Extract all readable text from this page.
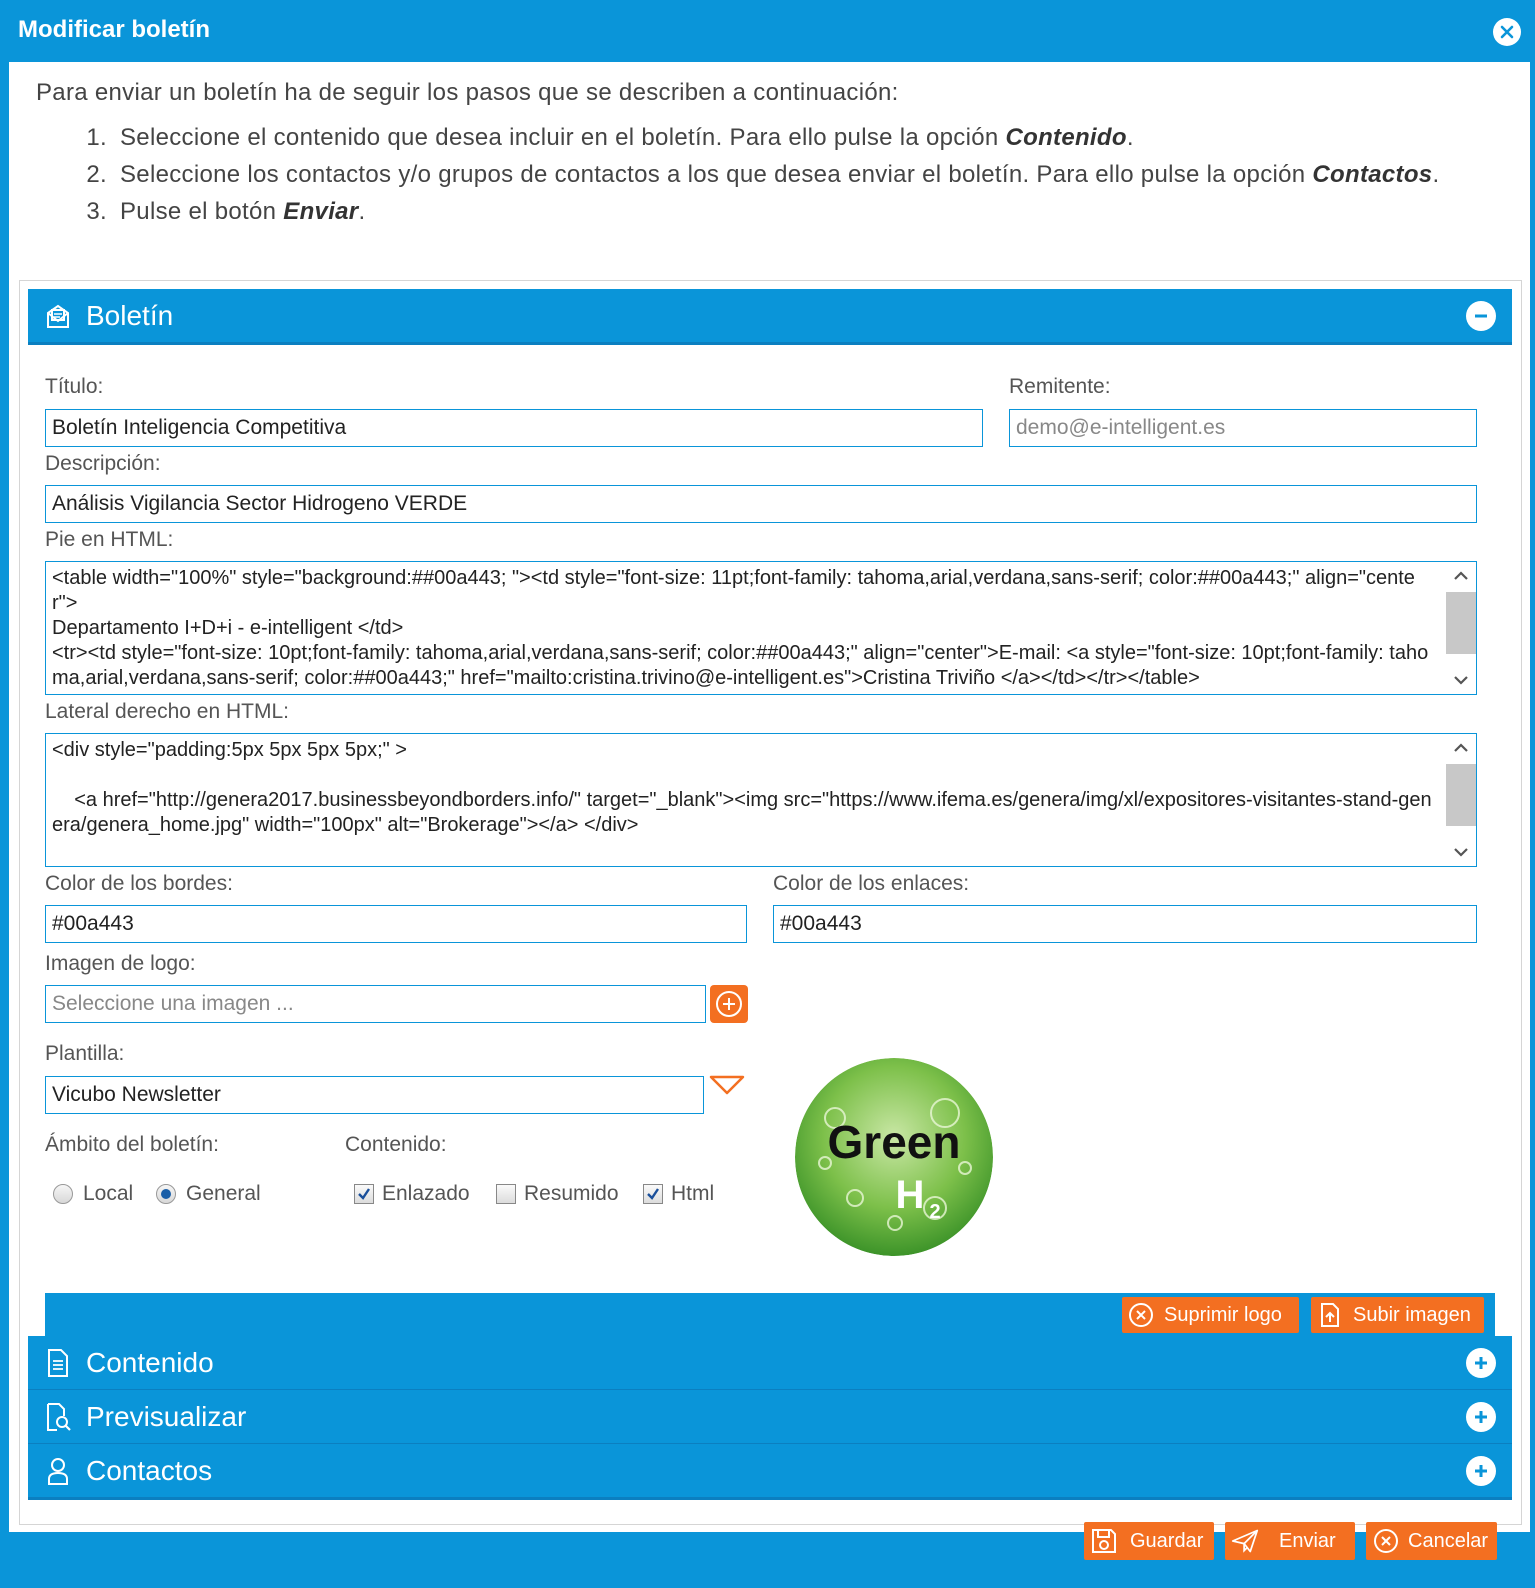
Modificar boletín
Para enviar un boletín ha de seguir los pasos que se describen a continuación:
1. Seleccione el contenido que desea incluir en el boletín. Para ello pulse la opción Contenido.
2. Seleccione los contactos y/o grupos de contactos a los que desea enviar el boletín. Para ello pulse la opción Contactos.
3. Pulse el botón Enviar.
Boletín
Título:
Boletín Inteligencia Competitiva
Remitente:
demo@e-intelligent.es
Descripción:
Análisis Vigilancia Sector Hidrogeno VERDE
Pie en HTML:
<table width="100%" style="background:##00a443; "><td style="font-size: 11pt;font-family: tahoma,arial,verdana,sans-serif; color:##00a443;" align="center">
Departamento I+D+i - e-intelligent </td>
<tr><td style="font-size: 10pt;font-family: tahoma,arial,verdana,sans-serif; color:##00a443;" align="center">E-mail: <a style="font-size: 10pt;font-family: tahoma,arial,verdana,sans-serif; color:##00a443;" href="mailto:cristina.trivino@e-intelligent.es">Cristina Triviño </a></td></tr></table>
Lateral derecho en HTML:
<div style="padding:5px 5px 5px 5px;" >

<a href="http://genera2017.businessbeyondborders.info/" target="_blank"><img src="https://www.ifema.es/genera/img/xl/expositores-visitantes-stand-genera/genera_home.jpg" width="100px" alt="Brokerage"></a> </div>
Color de los bordes:
#00a443
Color de los enlaces:
#00a443
Imagen de logo:
Seleccione una imagen ...
Plantilla:
Vicubo Newsletter
Ámbito del boletín:	Contenido:
Local	General	Enlazado	Resumido Html
Green
H 2
Suprimir logo	Subir imagen
Contenido
Previsualizar
Contactos
Guardar	Enviar	Cancelar
